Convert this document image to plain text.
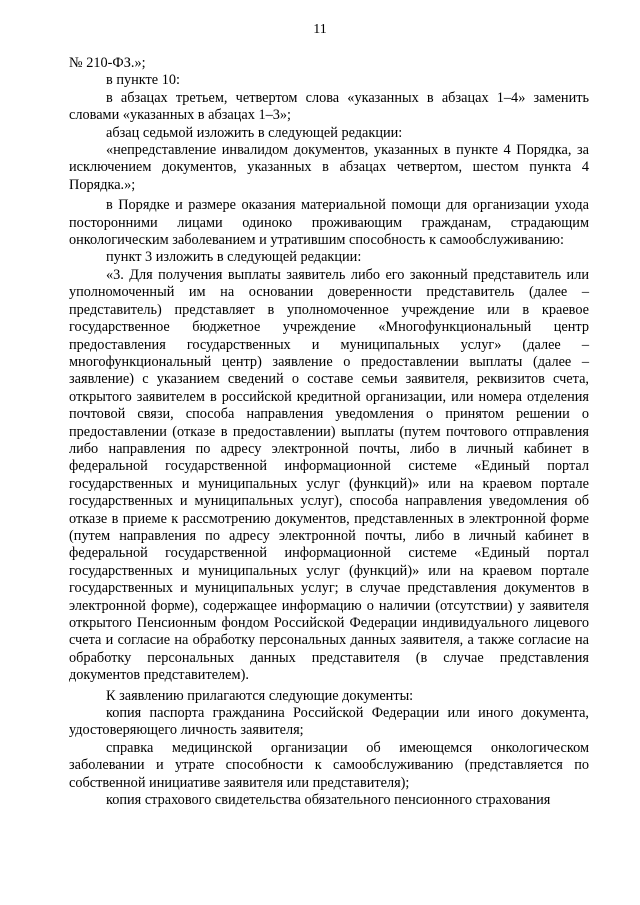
11

№ 210-ФЗ.»;

в пункте 10:

в абзацах третьем, четвертом слова «указанных в абзацах 1–4» заменить словами «указанных в абзацах 1–3»;

абзац седьмой изложить в следующей редакции:

«непредставление инвалидом документов, указанных в пункте 4 Порядка, за исключением документов, указанных в абзацах четвертом, шестом пункта 4 Порядка.»;

в Порядке и размере оказания материальной помощи для организации ухода посторонними лицами одиноко проживающим гражданам, страдающим онкологическим заболеванием и утратившим способность к самообслуживанию:

пункт 3 изложить в следующей редакции:

«3. Для получения выплаты заявитель либо его законный представитель или уполномоченный им на основании доверенности представитель (далее – представитель) представляет в уполномоченное учреждение или в краевое государственное бюджетное учреждение «Многофункциональный центр предоставления государственных и муниципальных услуг» (далее – многофункциональный центр) заявление о предоставлении выплаты (далее – заявление) с указанием сведений о составе семьи заявителя, реквизитов счета, открытого заявителем в российской кредитной организации, или номера отделения почтовой связи, способа направления уведомления о принятом решении о предоставлении (отказе в предоставлении) выплаты (путем почтового отправления либо направления по адресу электронной почты, либо в личный кабинет в федеральной государственной информационной системе «Единый портал государственных и муниципальных услуг (функций)» или на краевом портале государственных и муниципальных услуг), способа направления уведомления об отказе в приеме к рассмотрению документов, представленных в электронной форме (путем направления по адресу электронной почты, либо в личный кабинет в федеральной государственной информационной системе «Единый портал государственных и муниципальных услуг (функций)» или на краевом портале государственных и муниципальных услуг; в случае представления документов в электронной форме), содержащее информацию о наличии (отсутствии) у заявителя открытого Пенсионным фондом Российской Федерации индивидуального лицевого счета и согласие на обработку персональных данных заявителя, а также согласие на обработку персональных данных представителя (в случае представления документов представителем).

К заявлению прилагаются следующие документы:

копия паспорта гражданина Российской Федерации или иного документа, удостоверяющего личность заявителя;

справка медицинской организации об имеющемся онкологическом заболевании и утрате способности к самообслуживанию (представляется по собственной инициативе заявителя или представителя);

копия страхового свидетельства обязательного пенсионного страхования
